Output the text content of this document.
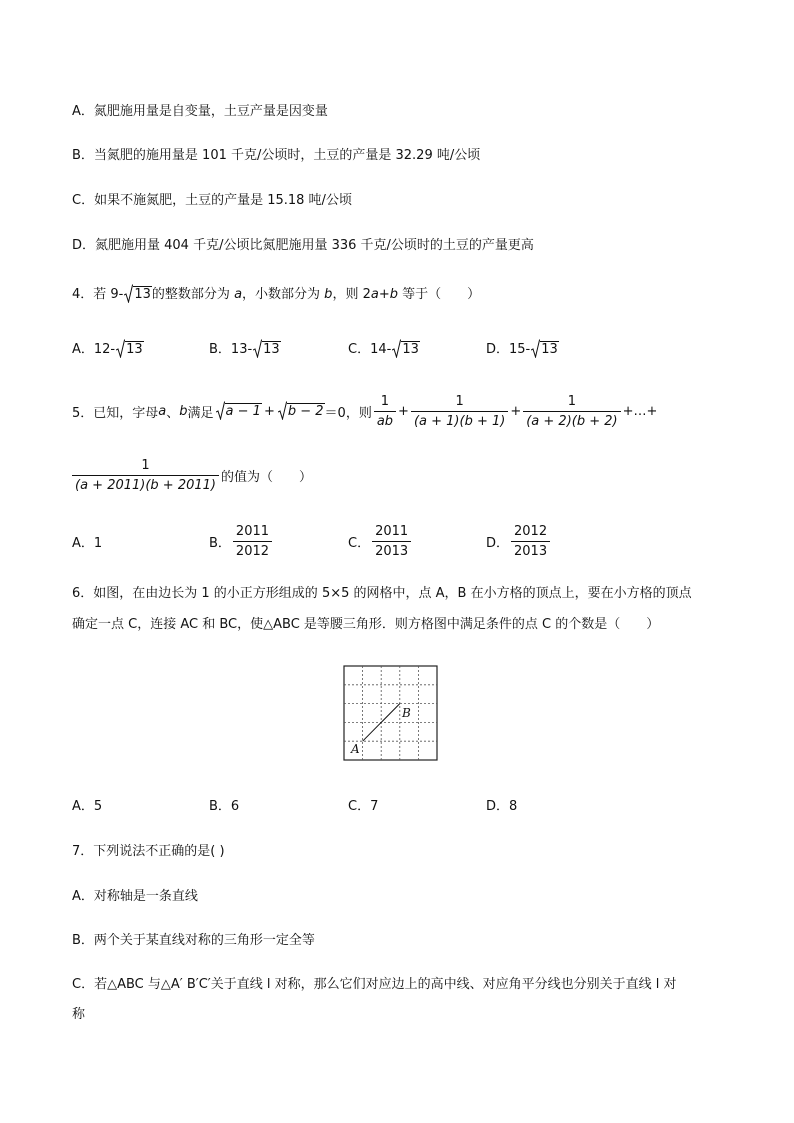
A．氮肥施用量是自变量，土豆产量是因变量
B．当氮肥的施用量是 101 千克/公顷时，土豆的产量是 32.29 吨/公顷
C．如果不施氮肥，土豆的产量是 15.18 吨/公顷
D．氮肥施用量 404 千克/公顷比氮肥施用量 336 千克/公顷时的土豆的产量更高
4．若 9- 13的整数部分为 a，小数部分为 b，则 2a+b 等于（　　）
A．12- 13	B．13- 13	C．14- 13	D．15- 13
5．已知，字母 a 、 b 满足 a − 1 +	b − 2 ＝0，则 $\frac{1}{ab} + \frac{1}{(a + 1)(b + 1)} + \frac{1}{(a + 2)(b + 2)}$ +…+
$\frac{1}{(a + 2011)(b + 2011)}$ 的值为（　　）
A．1	B． $\frac{2011}{2012}$	C． $\frac{2011}{2013}$	D． $\frac{2012}{2013}$
6．如图，在由边长为 1 的小正方形组成的 5×5 的网格中，点 A，B 在小方格的顶点上，要在小方格的顶点
确定一点 C，连接 AC 和 BC，使△ABC 是等腰三角形．则方格图中满足条件的点 C 的个数是（　　）
A
B
A．5	B．6	C．7	D．8
7．下列说法不正确的是( )
A．对称轴是一条直线
B．两个关于某直线对称的三角形一定全等
C．若△ABC 与△A′ B′C′关于直线 l 对称，那么它们对应边上的高中线、对应角平分线也分别关于直线 l 对
称
